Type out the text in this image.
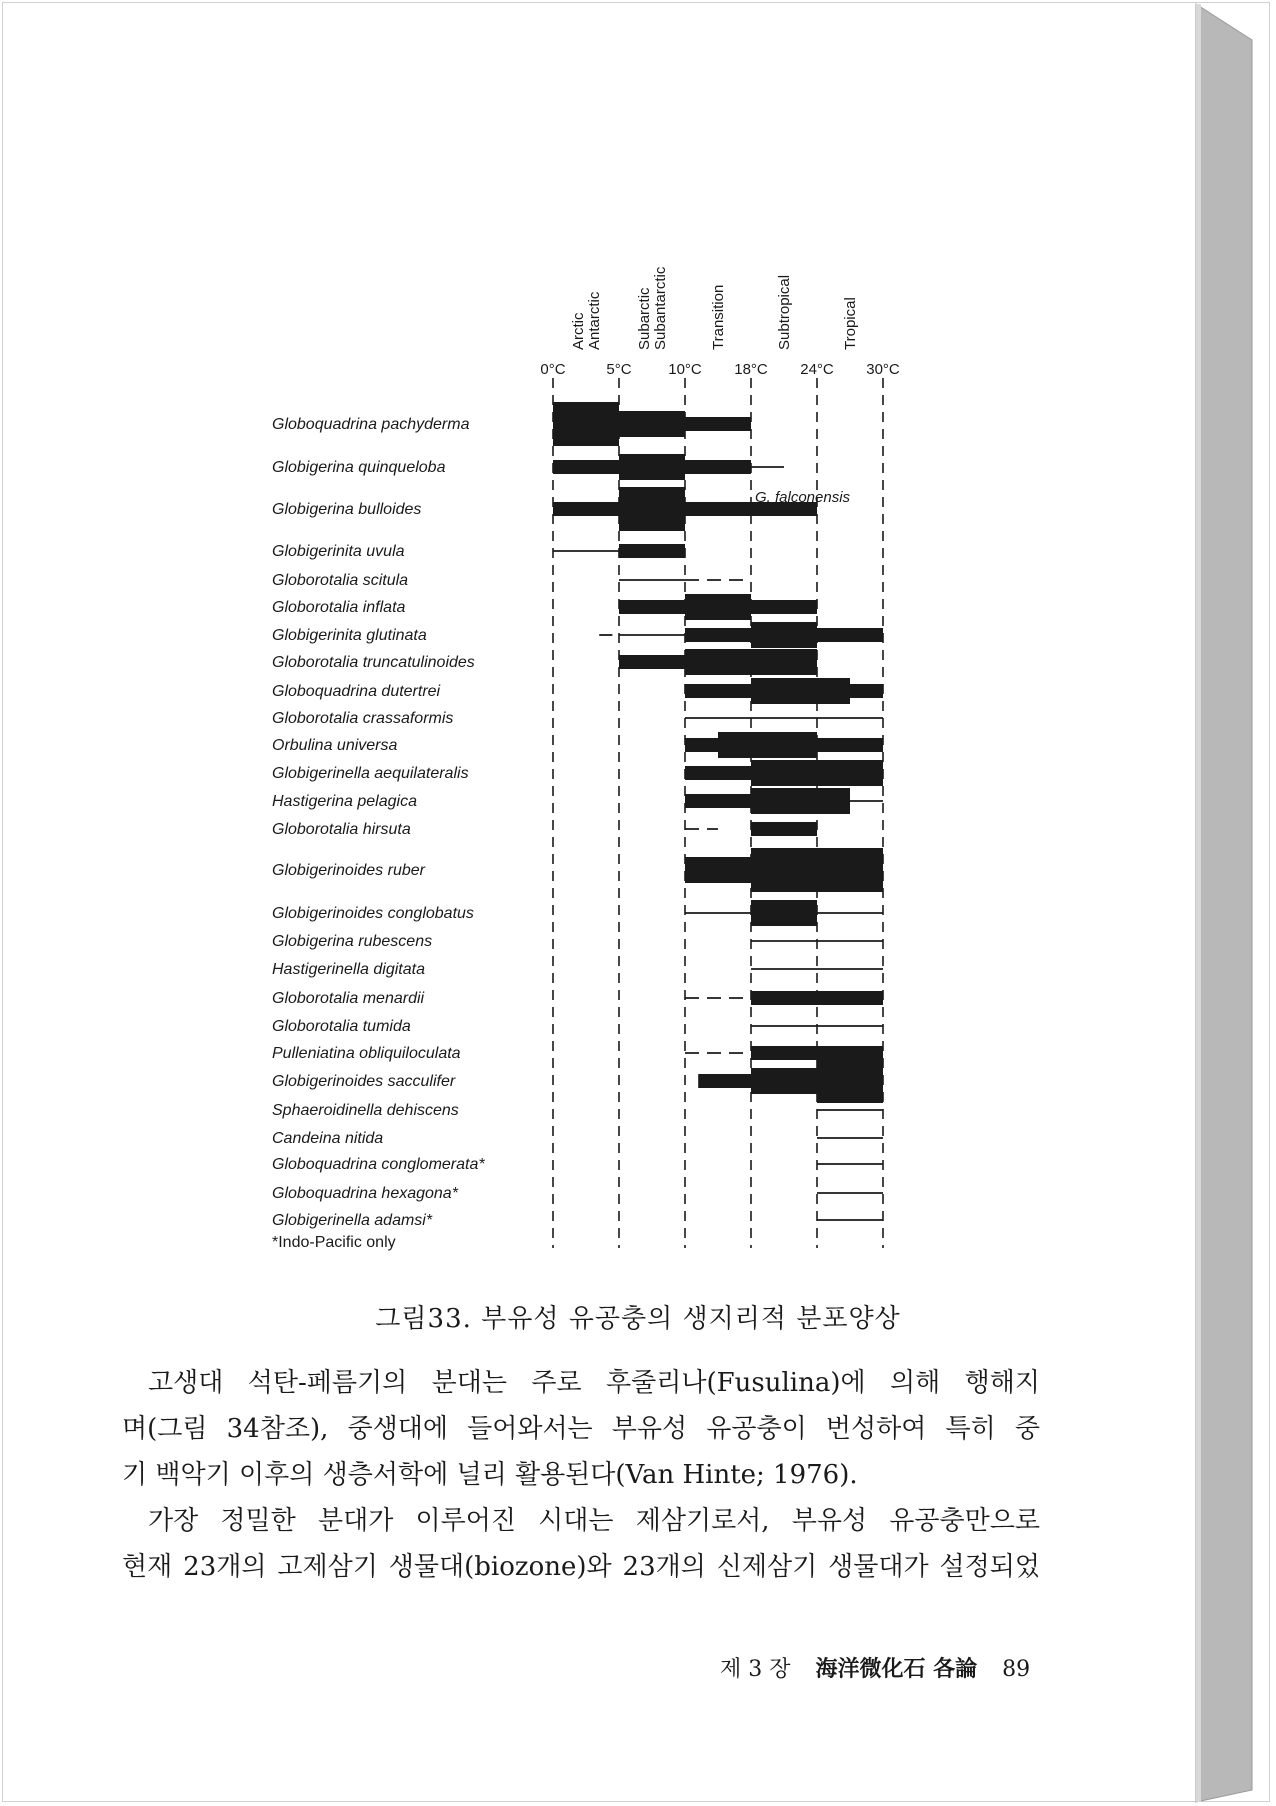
0°C	5°C 10°C 18°C 24°C 30°C
Arctic Antarctic Subarctic Subantarctic	Transition	Subtropical	Tropical
Globoquadrina pachyderma
Globigerina quinqueloba
Globigerina bulloides
G. falconensis
Globigerinita uvula
Globorotalia scitula
Globorotalia inflata
Globigerinita glutinata
Globorotalia truncatulinoides
Globoquadrina dutertrei
Globorotalia crassaformis
Orbulina universa
Globigerinella aequilateralis
Hastigerina pelagica
Globorotalia hirsuta
Globigerinoides ruber
Globigerinoides conglobatus
Globigerina rubescens
Hastigerinella digitata
Globorotalia menardii
Globorotalia tumida
Pulleniatina obliquiloculata
Globigerinoides sacculifer
Sphaeroidinella dehiscens
Candeina nitida
Globoquadrina conglomerata*
Globoquadrina hexagona*
Globigerinella adamsi*
*Indo-Pacific only
그림33. 부유성 유공충의 생지리적 분포양상
고생대 석탄-페름기의 분대는 주로 후줄리나(Fusulina)에 의해 행해지
며(그림 34참조), 중생대에 들어와서는 부유성 유공충이 번성하여 특히 중
기 백악기 이후의 생층서학에 널리 활용된다(Van Hinte; 1976).
가장 정밀한 분대가 이루어진 시대는 제삼기로서, 부유성 유공충만으로
현재 23개의 고제삼기 생물대(biozone)와 23개의 신제삼기 생물대가 설정되었
제 3 장 海洋微化石 各論 89
